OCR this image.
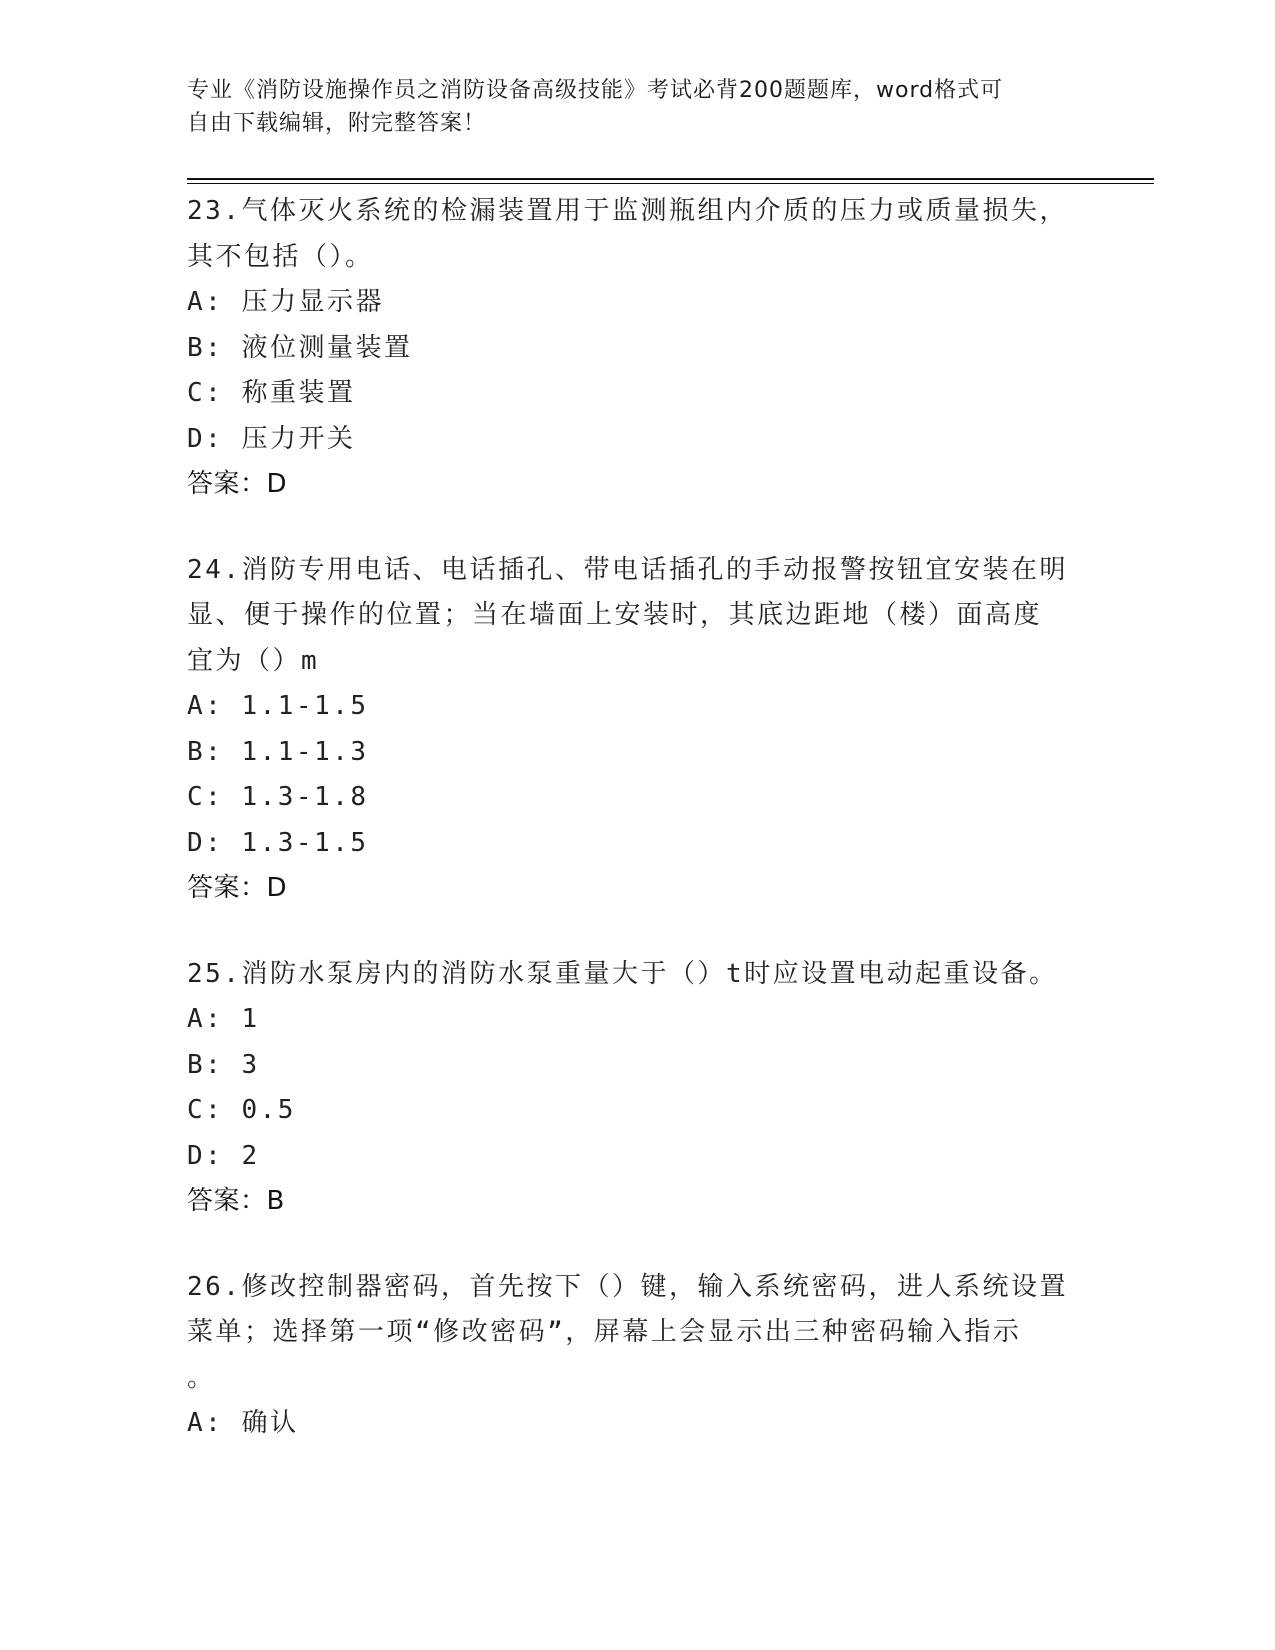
专业《消防设施操作员之消防设备高级技能》考试必背200题题库，word格式可
自由下载编辑，附完整答案！
23.气体灭火系统的检漏装置用于监测瓶组内介质的压力或质量损失，
其不包括（）。
A: 压力显示器
B: 液位测量装置
C: 称重装置
D: 压力开关
答案：D
24.消防专用电话、电话插孔、带电话插孔的手动报警按钮宜安装在明
显、便于操作的位置；当在墙面上安装时，其底边距地（楼）面高度
宜为（）m
A: 1.1-1.5
B: 1.1-1.3
C: 1.3-1.8
D: 1.3-1.5
答案：D
25.消防水泵房内的消防水泵重量大于（）t时应设置电动起重设备。
A: 1
B: 3
C: 0.5
D: 2
答案：B
26.修改控制器密码，首先按下（）键，输入系统密码，进人系统设置
菜单；选择第一项“修改密码”，屏幕上会显示出三种密码输入指示
。
A: 确认
